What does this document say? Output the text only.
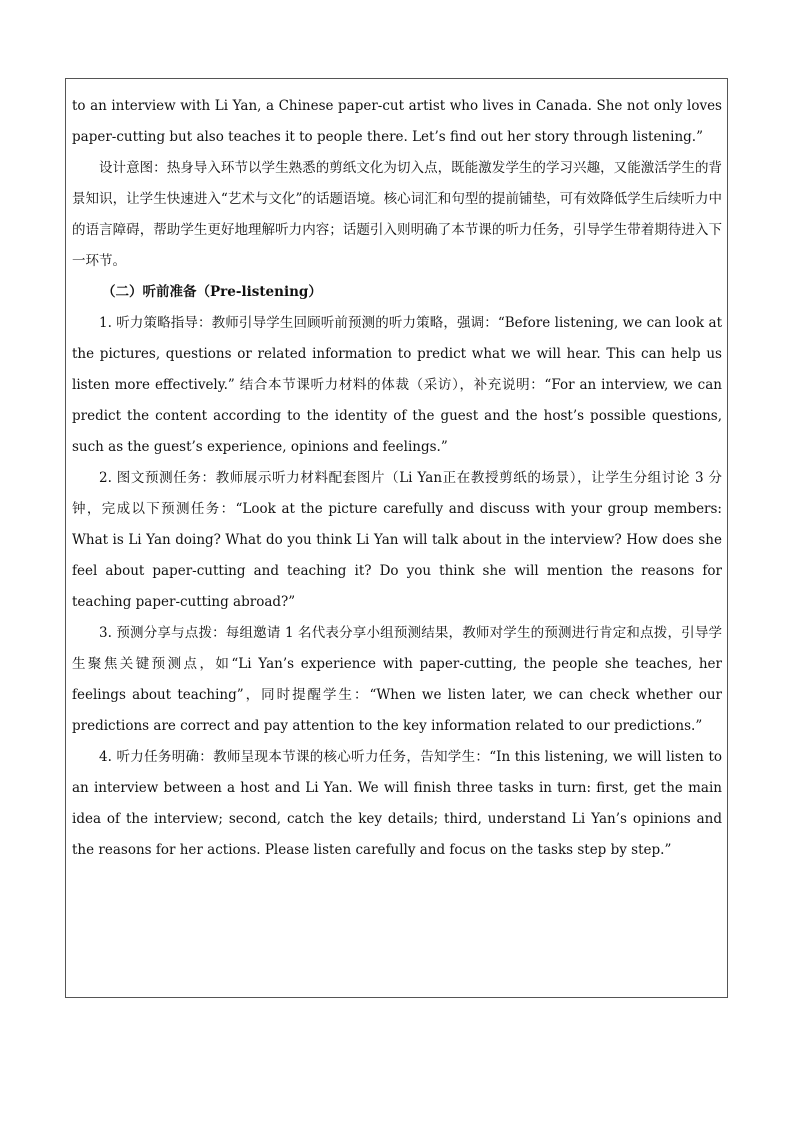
to an interview with Li Yan, a Chinese paper-cut artist who lives in Canada. She not only loves paper-cutting but also teaches it to people there. Let’s find out her story through listening.”

设计意图：热身导入环节以学生熟悉的剪纸文化为切入点，既能激发学生的学习兴趣，又能激活学生的背景知识，让学生快速进入“艺术与文化”的话题语境。核心词汇和句型的提前铺垫，可有效降低学生后续听力中的语言障碍，帮助学生更好地理解听力内容；话题引入则明确了本节课的听力任务，引导学生带着期待进入下一环节。

（二）听前准备（Pre-listening）

1. 听力策略指导：教师引导学生回顾听前预测的听力策略，强调：“Before listening, we can look at the pictures, questions or related information to predict what we will hear. This can help us listen more effectively.” 结合本节课听力材料的体裁（采访），补充说明：“For an interview, we can predict the content according to the identity of the guest and the host’s possible questions, such as the guest’s experience, opinions and feelings.”

2. 图文预测任务：教师展示听力材料配套图片（Li Yan正在教授剪纸的场景），让学生分组讨论 3 分钟，完成以下预测任务：“Look at the picture carefully and discuss with your group members: What is Li Yan doing? What do you think Li Yan will talk about in the interview? How does she feel about paper-cutting and teaching it? Do you think she will mention the reasons for teaching paper-cutting abroad?”

3. 预测分享与点拨：每组邀请 1 名代表分享小组预测结果，教师对学生的预测进行肯定和点拨，引导学生聚焦关键预测点，如“Li Yan’s experience with paper-cutting, the people she teaches, her feelings about teaching”，同时提醒学生：“When we listen later, we can check whether our predictions are correct and pay attention to the key information related to our predictions.”

4. 听力任务明确：教师呈现本节课的核心听力任务，告知学生：“In this listening, we will listen to an interview between a host and Li Yan. We will finish three tasks in turn: first, get the main idea of the interview; second, catch the key details; third, understand Li Yan’s opinions and the reasons for her actions. Please listen carefully and focus on the tasks step by step.”
